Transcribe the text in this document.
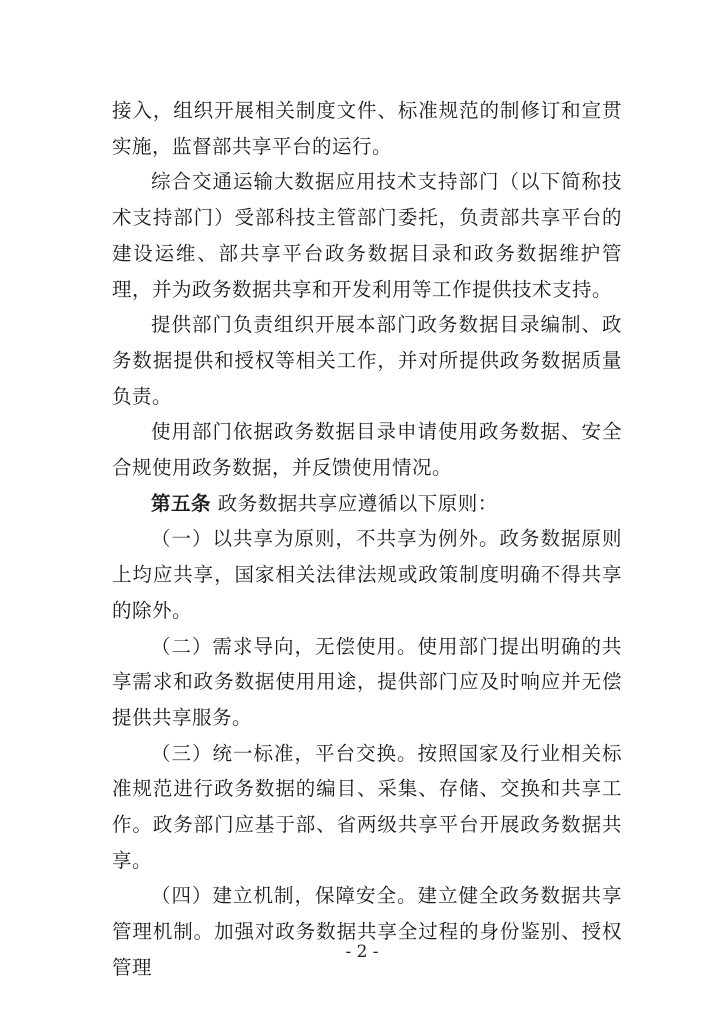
接入，组织开展相关制度文件、标准规范的制修订和宣贯实施，监督部共享平台的运行。

综合交通运输大数据应用技术支持部门（以下简称技术支持部门）受部科技主管部门委托，负责部共享平台的建设运维、部共享平台政务数据目录和政务数据维护管理，并为政务数据共享和开发利用等工作提供技术支持。

提供部门负责组织开展本部门政务数据目录编制、政务数据提供和授权等相关工作，并对所提供政务数据质量负责。

使用部门依据政务数据目录申请使用政务数据、安全合规使用政务数据，并反馈使用情况。

第五条 政务数据共享应遵循以下原则：

（一）以共享为原则，不共享为例外。政务数据原则上均应共享，国家相关法律法规或政策制度明确不得共享的除外。

（二）需求导向，无偿使用。使用部门提出明确的共享需求和政务数据使用用途，提供部门应及时响应并无偿提供共享服务。

（三）统一标准，平台交换。按照国家及行业相关标准规范进行政务数据的编目、采集、存储、交换和共享工作。政务部门应基于部、省两级共享平台开展政务数据共享。

（四）建立机制，保障安全。建立健全政务数据共享管理机制。加强对政务数据共享全过程的身份鉴别、授权管理

- 2 -
